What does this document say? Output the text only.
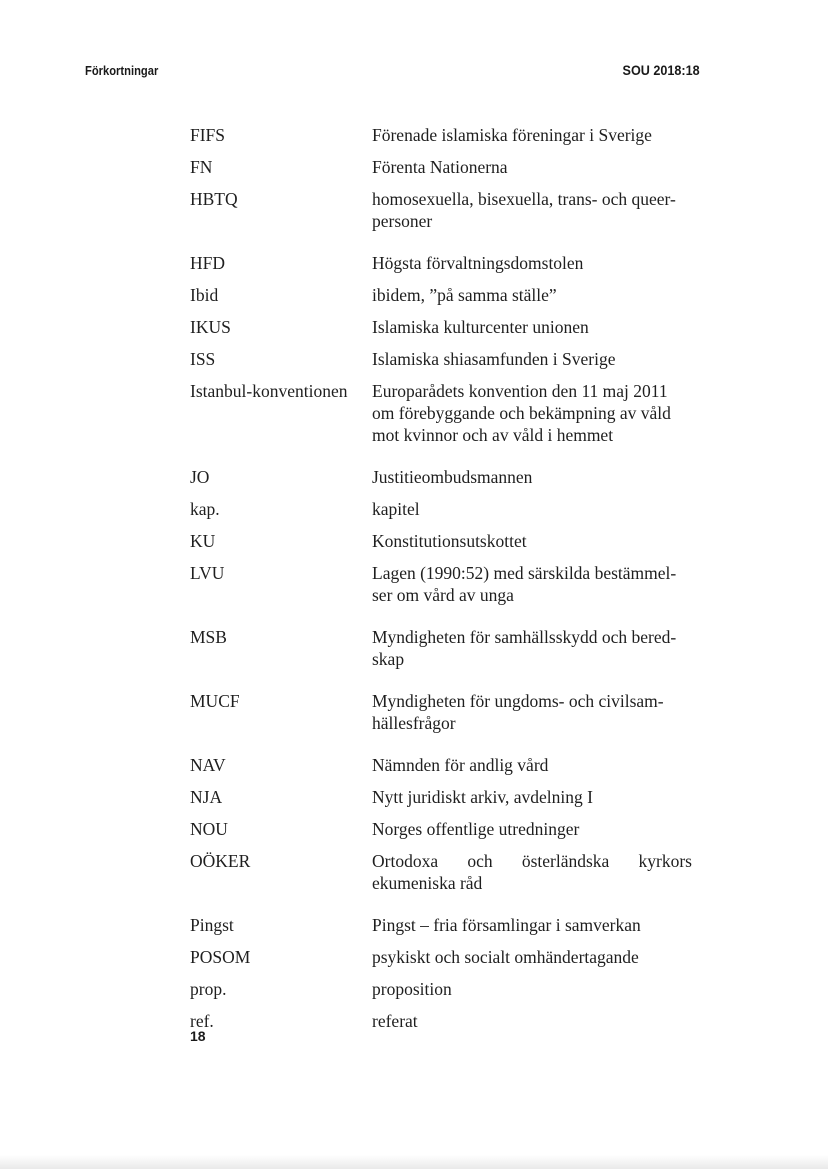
Förkortningar	SOU 2018:18
FIFS	Förenade islamiska föreningar i Sverige
FN	Förenta Nationerna
HBTQ	homosexuella, bisexuella, trans- och queer-personer
HFD	Högsta förvaltningsdomstolen
Ibid	ibidem, ”på samma ställe”
IKUS	Islamiska kulturcenter unionen
ISS	Islamiska shiasamfunden i Sverige
Istanbul-konventionen	Europarådets konvention den 11 maj 2011 om förebyggande och bekämpning av våld mot kvinnor och av våld i hemmet
JO	Justitieombudsmannen
kap.	kapitel
KU	Konstitutionsutskottet
LVU	Lagen (1990:52) med särskilda bestämmel-ser om vård av unga
MSB	Myndigheten för samhällsskydd och bered-skap
MUCF	Myndigheten för ungdoms- och civilsam-hällesfrågor
NAV	Nämnden för andlig vård
NJA	Nytt juridiskt arkiv, avdelning I
NOU	Norges offentlige utredninger
OÖKER	Ortodoxa och österländska kyrkors ekumeniska råd
Pingst	Pingst – fria församlingar i samverkan
POSOM	psykiskt och socialt omhändertagande
prop.	proposition
ref.	referat
18
